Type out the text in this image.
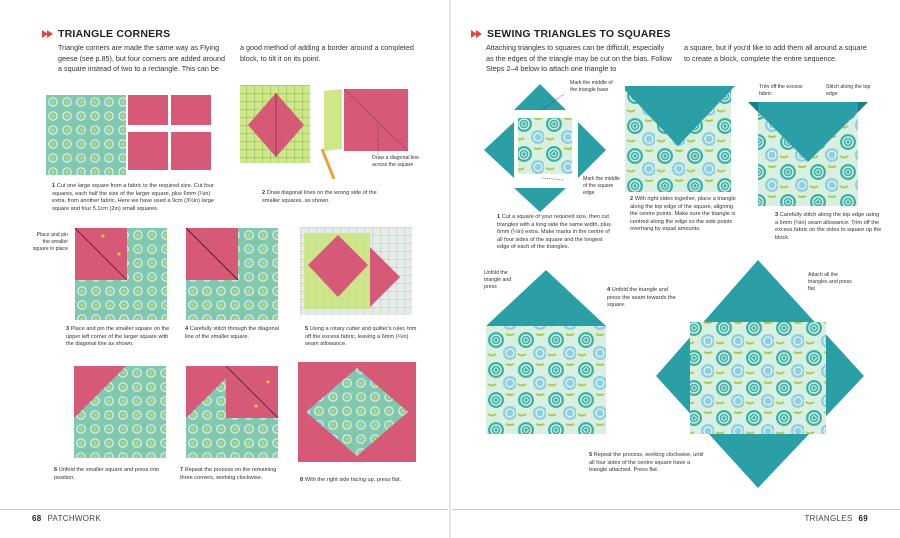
TRIANGLE CORNERS
Triangle corners are made the same way as Flying geese (see p.85), but four corners are added around a square instead of two to a rectangle. This can be
a good method of adding a border around a completed block, to tilt it on its point.
1 Cut one large square from a fabric to the required size. Cut four squares, each half the size of the larger square, plus 6mm (¼in) extra, from another fabric. Here we have used a 9cm (3½in) large square and four 5.1cm (2in) small squares.
Draw a diagonal line across the square
2 Draw diagonal lines on the wrong side of the smaller squares, as shown.
Place and pin the smaller square in place
3 Place and pin the smaller square on the upper left corner of the larger square with the diagonal line as shown.
4 Carefully stitch through the diagonal line of the smaller square.
5 Using a rotary cutter and quilter's ruler, trim off the excess fabric, leaving a 6mm (¼in) seam allowance.
6 Unfold the smaller square and press into position.
7 Repeat the process on the remaining three corners, working clockwise.	8 With the right side facing up, press flat.
68 PATCHWORK
SEWING TRIANGLES TO SQUARES
Attaching triangles to squares can be difficult, especially as the edges of the triangle may be cut on the bias. Follow Steps 2–4 below to attach one triangle to
a square, but if you'd like to add them all around a square to create a block, complete the entire sequence.
Mark the middle of the triangle base
Mark the middle of the square edge
1 Cut a square of your required size, then cut triangles with a long side the same width, plus 6mm (¼in) extra. Make marks in the centre of all four sides of the square and the longest edge of each of the triangles.
2 With right sides together, place a triangle along the top edge of the square, aligning the centre points. Make sure the triangle is centred along the edge so the side points overhang by equal amounts.
Trim off the excess fabric
Stitch along the top edge
3 Carefully stitch along the top edge using a 6mm (¼in) seam allowance. Trim off the excess fabric on the sides to square up the block.
Unfold the triangle and press
4 Unfold the triangle and press the seam towards the square.
Attach all the triangles and press flat
5 Repeat the process, working clockwise, until all four sides of the centre square have a triangle attached. Press flat.
TRIANGLES 69
